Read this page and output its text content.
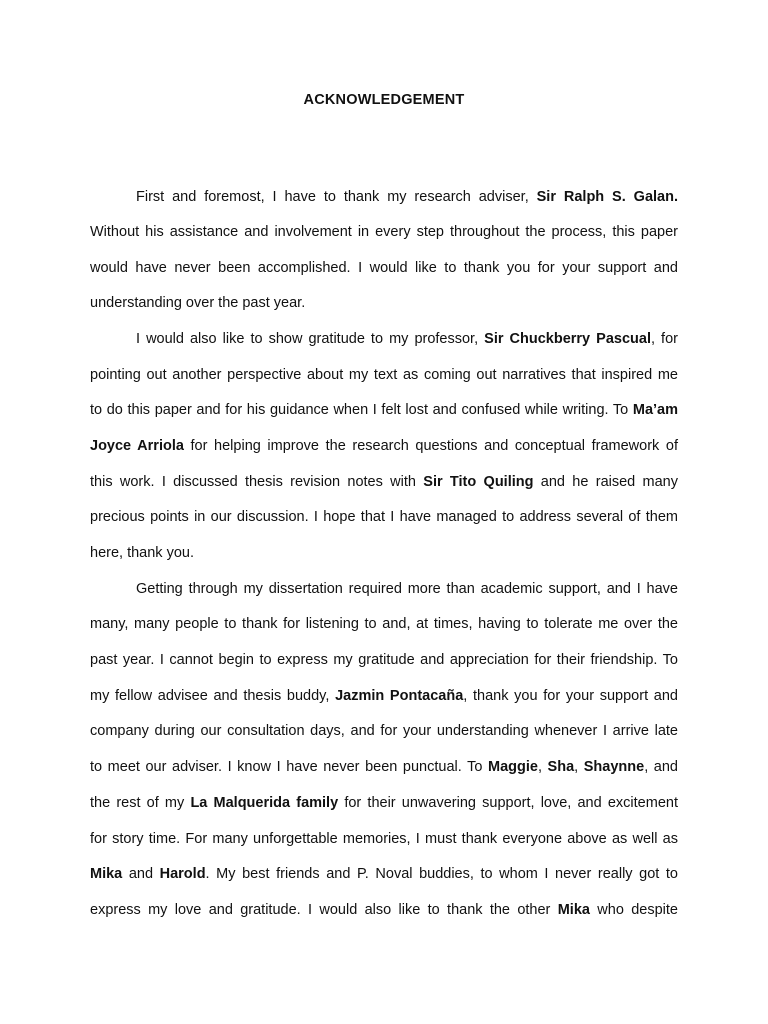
ACKNOWLEDGEMENT
First and foremost, I have to thank my research adviser, Sir Ralph S. Galan.
Without his assistance and involvement in every step throughout the process, this paper
would have never been accomplished. I would like to thank you for your support and
understanding over the past year.
I would also like to show gratitude to my professor, Sir Chuckberry Pascual, for
pointing out another perspective about my text as coming out narratives that inspired me
to do this paper and for his guidance when I felt lost and confused while writing. To Ma’am
Joyce Arriola for helping improve the research questions and conceptual framework of
this work. I discussed thesis revision notes with Sir Tito Quiling and he raised many
precious points in our discussion. I hope that I have managed to address several of them
here, thank you.
Getting through my dissertation required more than academic support, and I have
many, many people to thank for listening to and, at times, having to tolerate me over the
past year. I cannot begin to express my gratitude and appreciation for their friendship. To
my fellow advisee and thesis buddy, Jazmin Pontacaña, thank you for your support and
company during our consultation days, and for your understanding whenever I arrive late
to meet our adviser. I know I have never been punctual. To Maggie, Sha, Shaynne, and
the rest of my La Malquerida family for their unwavering support, love, and excitement
for story time. For many unforgettable memories, I must thank everyone above as well as
Mika and Harold. My best friends and P. Noval buddies, to whom I never really got to
express my love and gratitude. I would also like to thank the other Mika who despite
